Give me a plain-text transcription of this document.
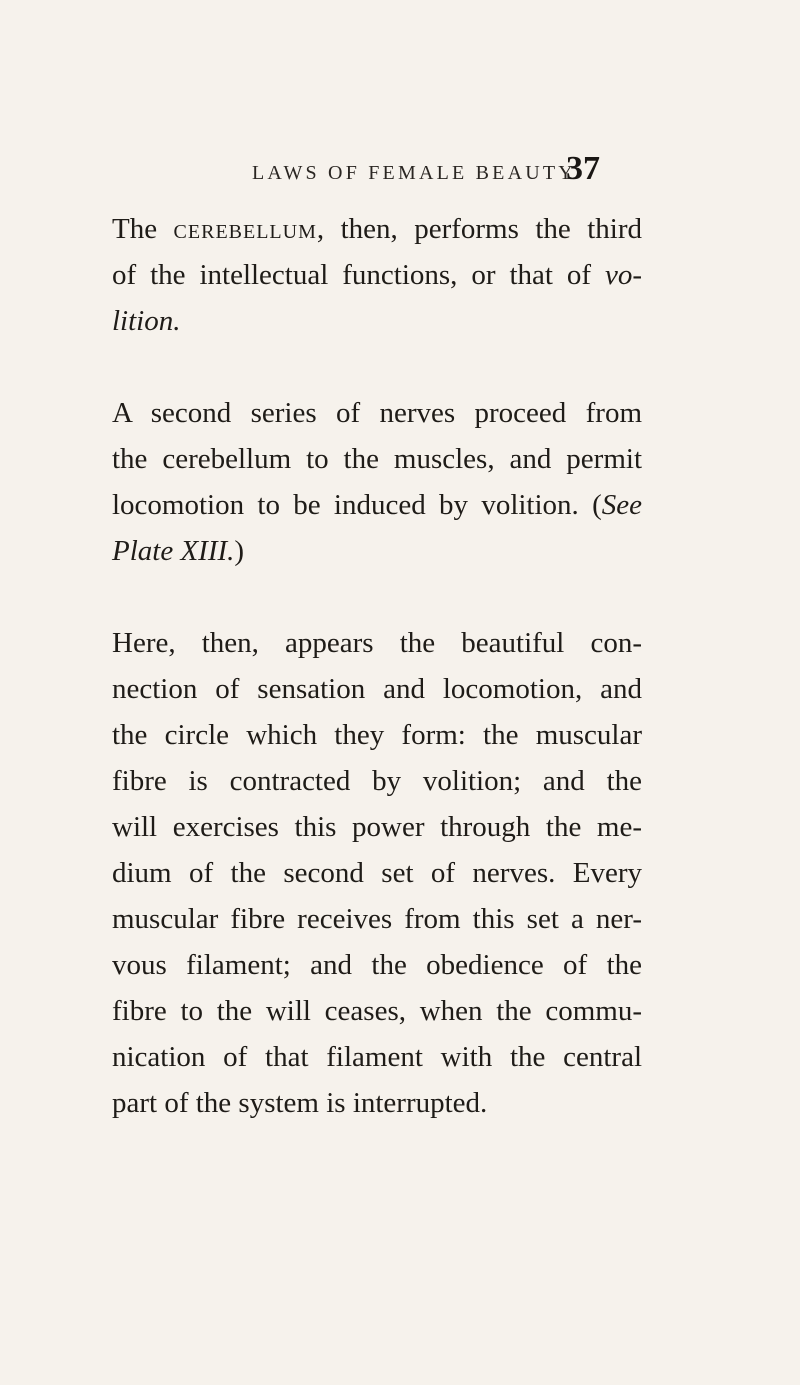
LAWS OF FEMALE BEAUTY.
37

The cerebellum, then, performs the third
of the intellectual functions, or that of vo-
lition.

A second series of nerves proceed from
the cerebellum to the muscles, and permit
locomotion to be induced by volition. (See
Plate XIII.)

Here, then, appears the beautiful con-
nection of sensation and locomotion, and
the circle which they form: the muscular
fibre is contracted by volition; and the
will exercises this power through the me-
dium of the second set of nerves. Every
muscular fibre receives from this set a ner-
vous filament; and the obedience of the
fibre to the will ceases, when the commu-
nication of that filament with the central
part of the system is interrupted.
